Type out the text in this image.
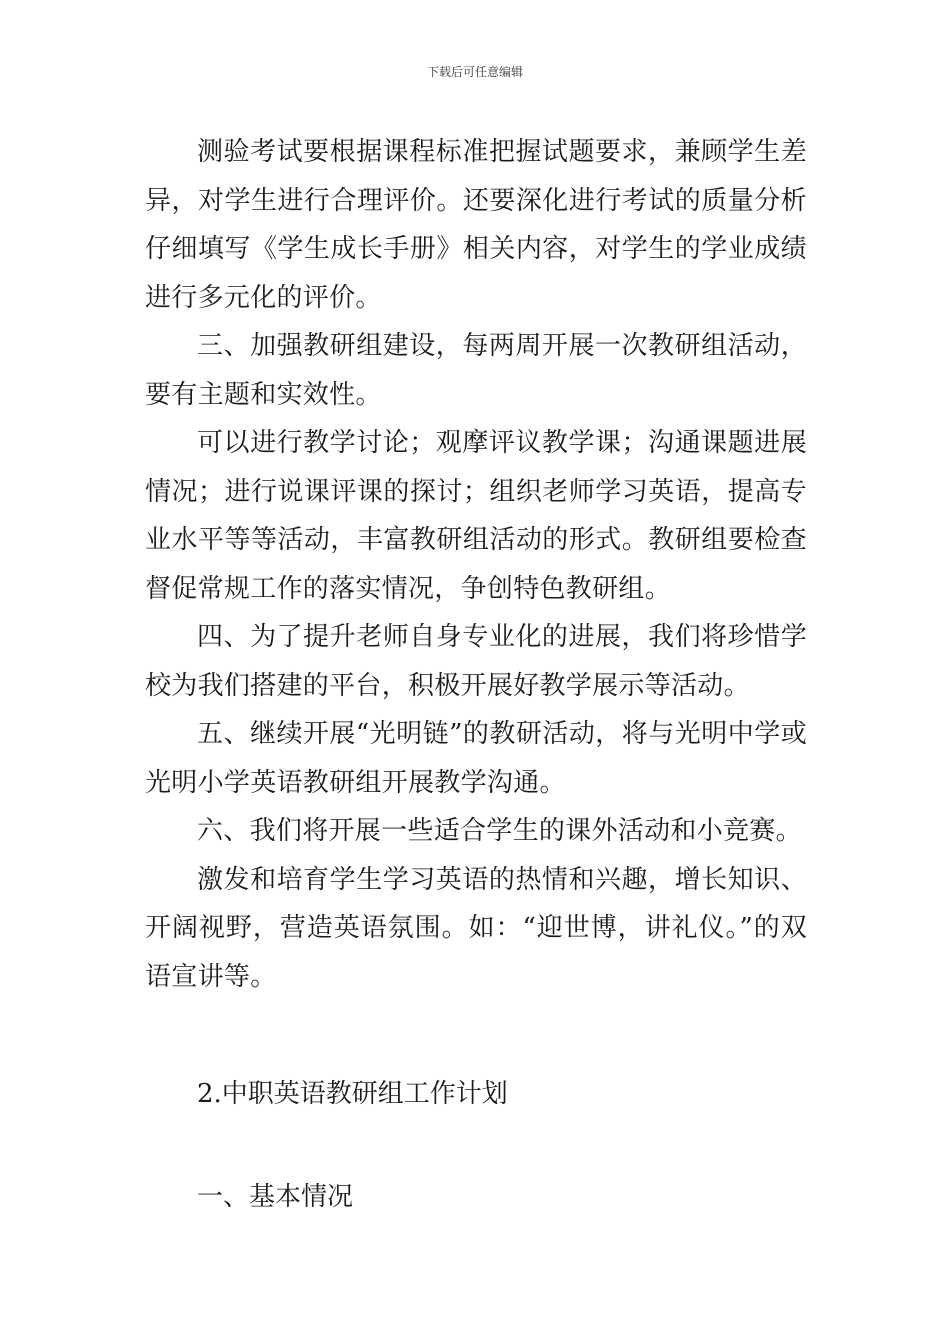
下载后可任意编辑

测验考试要根据课程标准把握试题要求，兼顾学生差异，对学生进行合理评价。还要深化进行考试的质量分析仔细填写《学生成长手册》相关内容，对学生的学业成绩进行多元化的评价。

三、加强教研组建设，每两周开展一次教研组活动，要有主题和实效性。

可以进行教学讨论；观摩评议教学课；沟通课题进展情况；进行说课评课的探讨；组织老师学习英语，提高专业水平等等活动，丰富教研组活动的形式。教研组要检查督促常规工作的落实情况，争创特色教研组。

四、为了提升老师自身专业化的进展，我们将珍惜学校为我们搭建的平台，积极开展好教学展示等活动。

五、继续开展“光明链”的教研活动，将与光明中学或光明小学英语教研组开展教学沟通。

六、我们将开展一些适合学生的课外活动和小竞赛。

激发和培育学生学习英语的热情和兴趣，增长知识、开阔视野，营造英语氛围。如：“迎世博，讲礼仪。”的双语宣讲等。

2.中职英语教研组工作计划
一、基本情况
